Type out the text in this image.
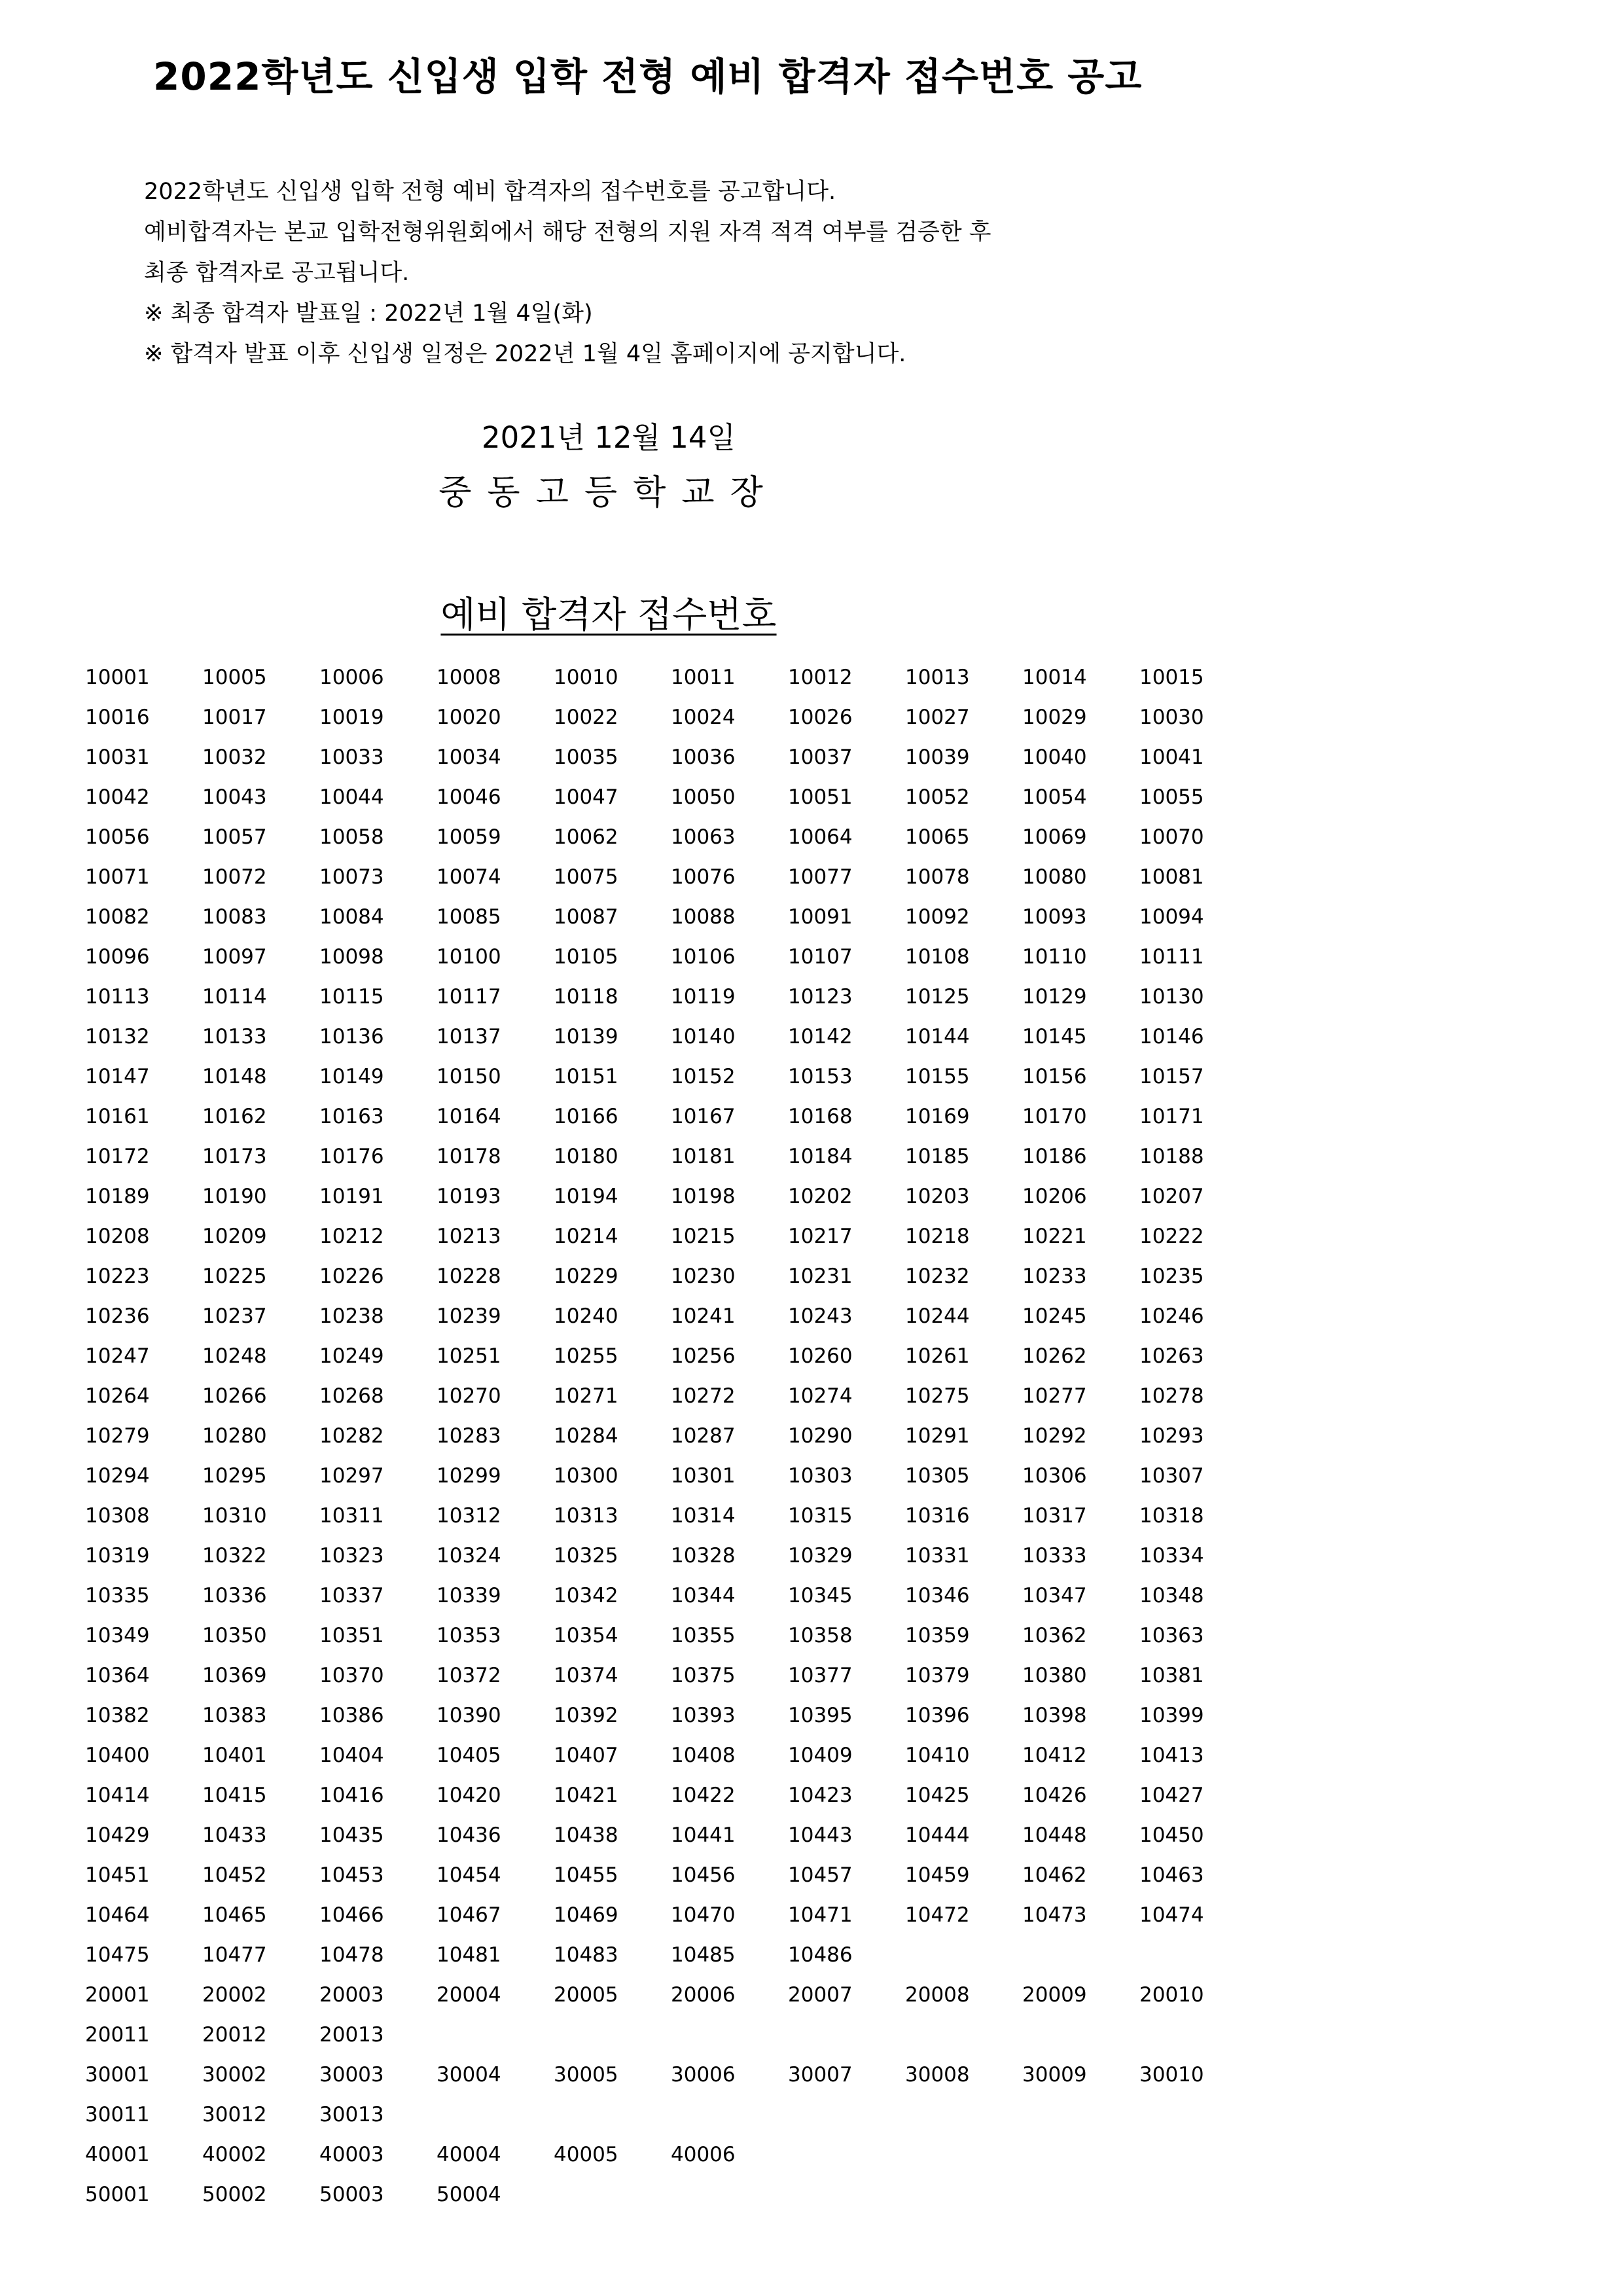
2022학년도 신입생 입학 전형 예비 합격자 접수번호 공고
2022학년도 신입생 입학 전형 예비 합격자의 접수번호를 공고합니다.
예비합격자는 본교 입학전형위원회에서 해당 전형의 지원 자격 적격 여부를 검증한 후
최종 합격자로 공고됩니다.
※ 최종 합격자 발표일 : 2022년 1월 4일(화)
※ 합격자 발표 이후 신입생 일정은 2022년 1월 4일 홈페이지에 공지합니다.
2021년 12월 14일
중동고등학교장
예비 합격자 접수번호
10001	10005	10006	10008	10010	10011	10012	10013	10014	10015
10016	10017	10019	10020	10022	10024	10026	10027	10029	10030
10031	10032	10033	10034	10035	10036	10037	10039	10040	10041
10042	10043	10044	10046	10047	10050	10051	10052	10054	10055
10056	10057	10058	10059	10062	10063	10064	10065	10069	10070
10071	10072	10073	10074	10075	10076	10077	10078	10080	10081
10082	10083	10084	10085	10087	10088	10091	10092	10093	10094
10096	10097	10098	10100	10105	10106	10107	10108	10110	10111
10113	10114	10115	10117	10118	10119	10123	10125	10129	10130
10132	10133	10136	10137	10139	10140	10142	10144	10145	10146
10147	10148	10149	10150	10151	10152	10153	10155	10156	10157
10161	10162	10163	10164	10166	10167	10168	10169	10170	10171
10172	10173	10176	10178	10180	10181	10184	10185	10186	10188
10189	10190	10191	10193	10194	10198	10202	10203	10206	10207
10208	10209	10212	10213	10214	10215	10217	10218	10221	10222
10223	10225	10226	10228	10229	10230	10231	10232	10233	10235
10236	10237	10238	10239	10240	10241	10243	10244	10245	10246
10247	10248	10249	10251	10255	10256	10260	10261	10262	10263
10264	10266	10268	10270	10271	10272	10274	10275	10277	10278
10279	10280	10282	10283	10284	10287	10290	10291	10292	10293
10294	10295	10297	10299	10300	10301	10303	10305	10306	10307
10308	10310	10311	10312	10313	10314	10315	10316	10317	10318
10319	10322	10323	10324	10325	10328	10329	10331	10333	10334
10335	10336	10337	10339	10342	10344	10345	10346	10347	10348
10349	10350	10351	10353	10354	10355	10358	10359	10362	10363
10364	10369	10370	10372	10374	10375	10377	10379	10380	10381
10382	10383	10386	10390	10392	10393	10395	10396	10398	10399
10400	10401	10404	10405	10407	10408	10409	10410	10412	10413
10414	10415	10416	10420	10421	10422	10423	10425	10426	10427
10429	10433	10435	10436	10438	10441	10443	10444	10448	10450
10451	10452	10453	10454	10455	10456	10457	10459	10462	10463
10464	10465	10466	10467	10469	10470	10471	10472	10473	10474
10475	10477	10478	10481	10483	10485	10486
20001	20002	20003	20004	20005	20006	20007	20008	20009	20010
20011	20012	20013
30001	30002	30003	30004	30005	30006	30007	30008	30009	30010
30011	30012	30013
40001	40002	40003	40004	40005	40006
50001	50002	50003	50004
